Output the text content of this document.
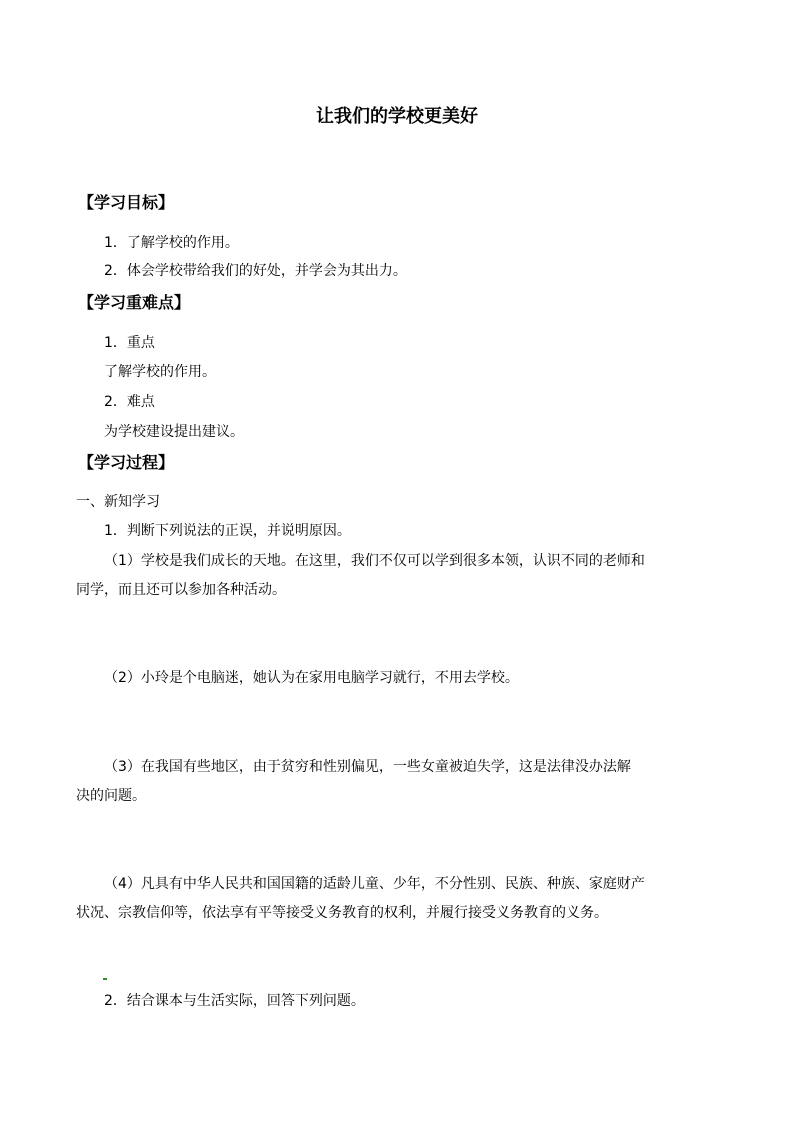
让我们的学校更美好
【学习目标】
1．了解学校的作用。
2．体会学校带给我们的好处，并学会为其出力。
【学习重难点】
1．重点
了解学校的作用。
2．难点
为学校建设提出建议。
【学习过程】
一、新知学习
1．判断下列说法的正误，并说明原因。
（1）学校是我们成长的天地。在这里，我们不仅可以学到很多本领，认识不同的老师和
同学，而且还可以参加各种活动。
（2）小玲是个电脑迷，她认为在家用电脑学习就行，不用去学校。
（3）在我国有些地区，由于贫穷和性别偏见，一些女童被迫失学，这是法律没办法解
决的问题。
（4）凡具有中华人民共和国国籍的适龄儿童、少年，不分性别、民族、种族、家庭财产
状况、宗教信仰等，依法享有平等接受义务教育的权利，并履行接受义务教育的义务。
2．结合课本与生活实际，回答下列问题。
